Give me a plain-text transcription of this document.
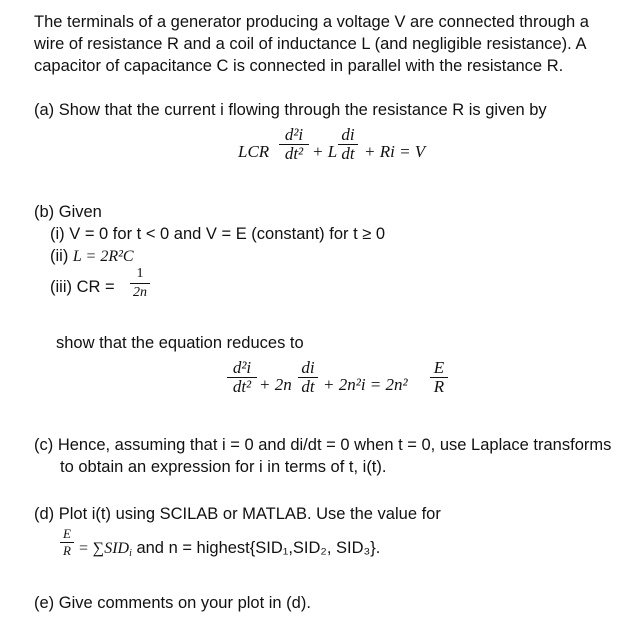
The terminals of a generator producing a voltage V are connected through a
wire of resistance R and a coil of inductance L (and negligible resistance). A
capacitor of capacitance C is connected in parallel with the resistance R.
(a) Show that the current i flowing through the resistance R is given by
LCR
d²i
dt² + L
di
dt + Ri = V
(b) Given
(i) V = 0 for t < 0 and V = E (constant) for t ≥ 0
(ii) L = 2R²C
(iii) CR =
1
2n
show that the equation reduces to
d²i
dt² + 2n
di
dt + 2n²i = 2n²
E
R
(c) Hence, assuming that i = 0 and di/dt = 0 when t = 0, use Laplace transforms
to obtain an expression for i in terms of t, i(t).
(d) Plot i(t) using SCILAB or MATLAB. Use the value for
E
$R = \sum SID_i$ and n = highest{SID₁,SID₂, SID₃}.
(e) Give comments on your plot in (d).
